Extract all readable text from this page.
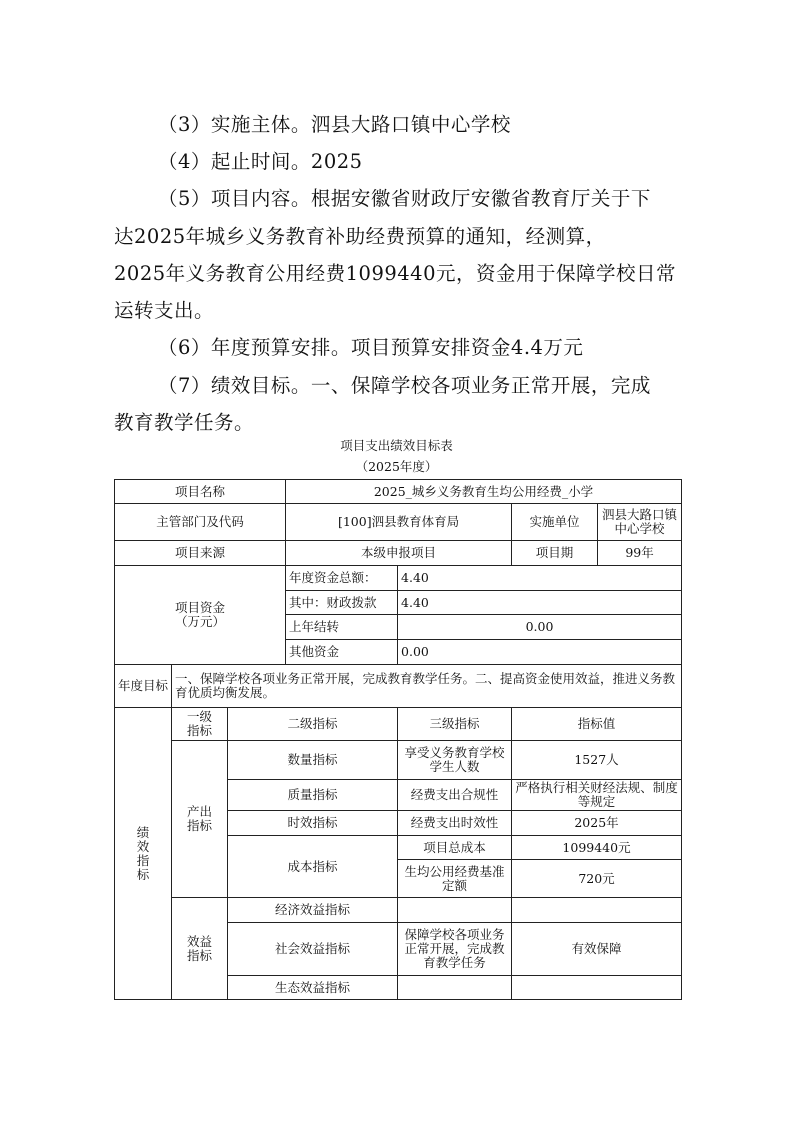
（3）实施主体。泗县大路口镇中心学校
（4）起止时间。2025
（5）项目内容。根据安徽省财政厅安徽省教育厅关于下
达2025年城乡义务教育补助经费预算的通知，经测算，
2025年义务教育公用经费1099440元，资金用于保障学校日常
运转支出。
（6）年度预算安排。项目预算安排资金4.4万元
（7）绩效目标。一、保障学校各项业务正常开展，完成
教育教学任务。
项目支出绩效目标表
（2025年度）
项目名称			2025_城乡义务教育生均公用经费_小学			
主管部门及代码			[100]泗县教育体育局		实施单位	泗县大路口镇中心学校
项目来源			本级申报项目		项目期	99年

项目资金
（万元）			年度资金总额：	4.40		
			其中：财政拨款	4.40		
			上年结转	0.00		
			其他资金	0.00		
年度目标	一、保障学校各项业务正常开展，完成教育教学任务。二、提高资金使用效益，推进义务教育优质均衡发展。					
绩效指标	一级指标	二级指标		三级指标	指标值	
	产出指标	数量指标		享受义务教育学校学生人数	1527人	
		质量指标		经费支出合规性	严格执行相关财经法规、制度等规定	
		时效指标		经费支出时效性	2025年	
		成本指标		项目总成本	1099440元	
				生均公用经费基准定额	720元	
	效益指标	经济效益指标				
		社会效益指标		保障学校各项业务正常开展，完成教育教学任务	有效保障	
		生态效益指标				
